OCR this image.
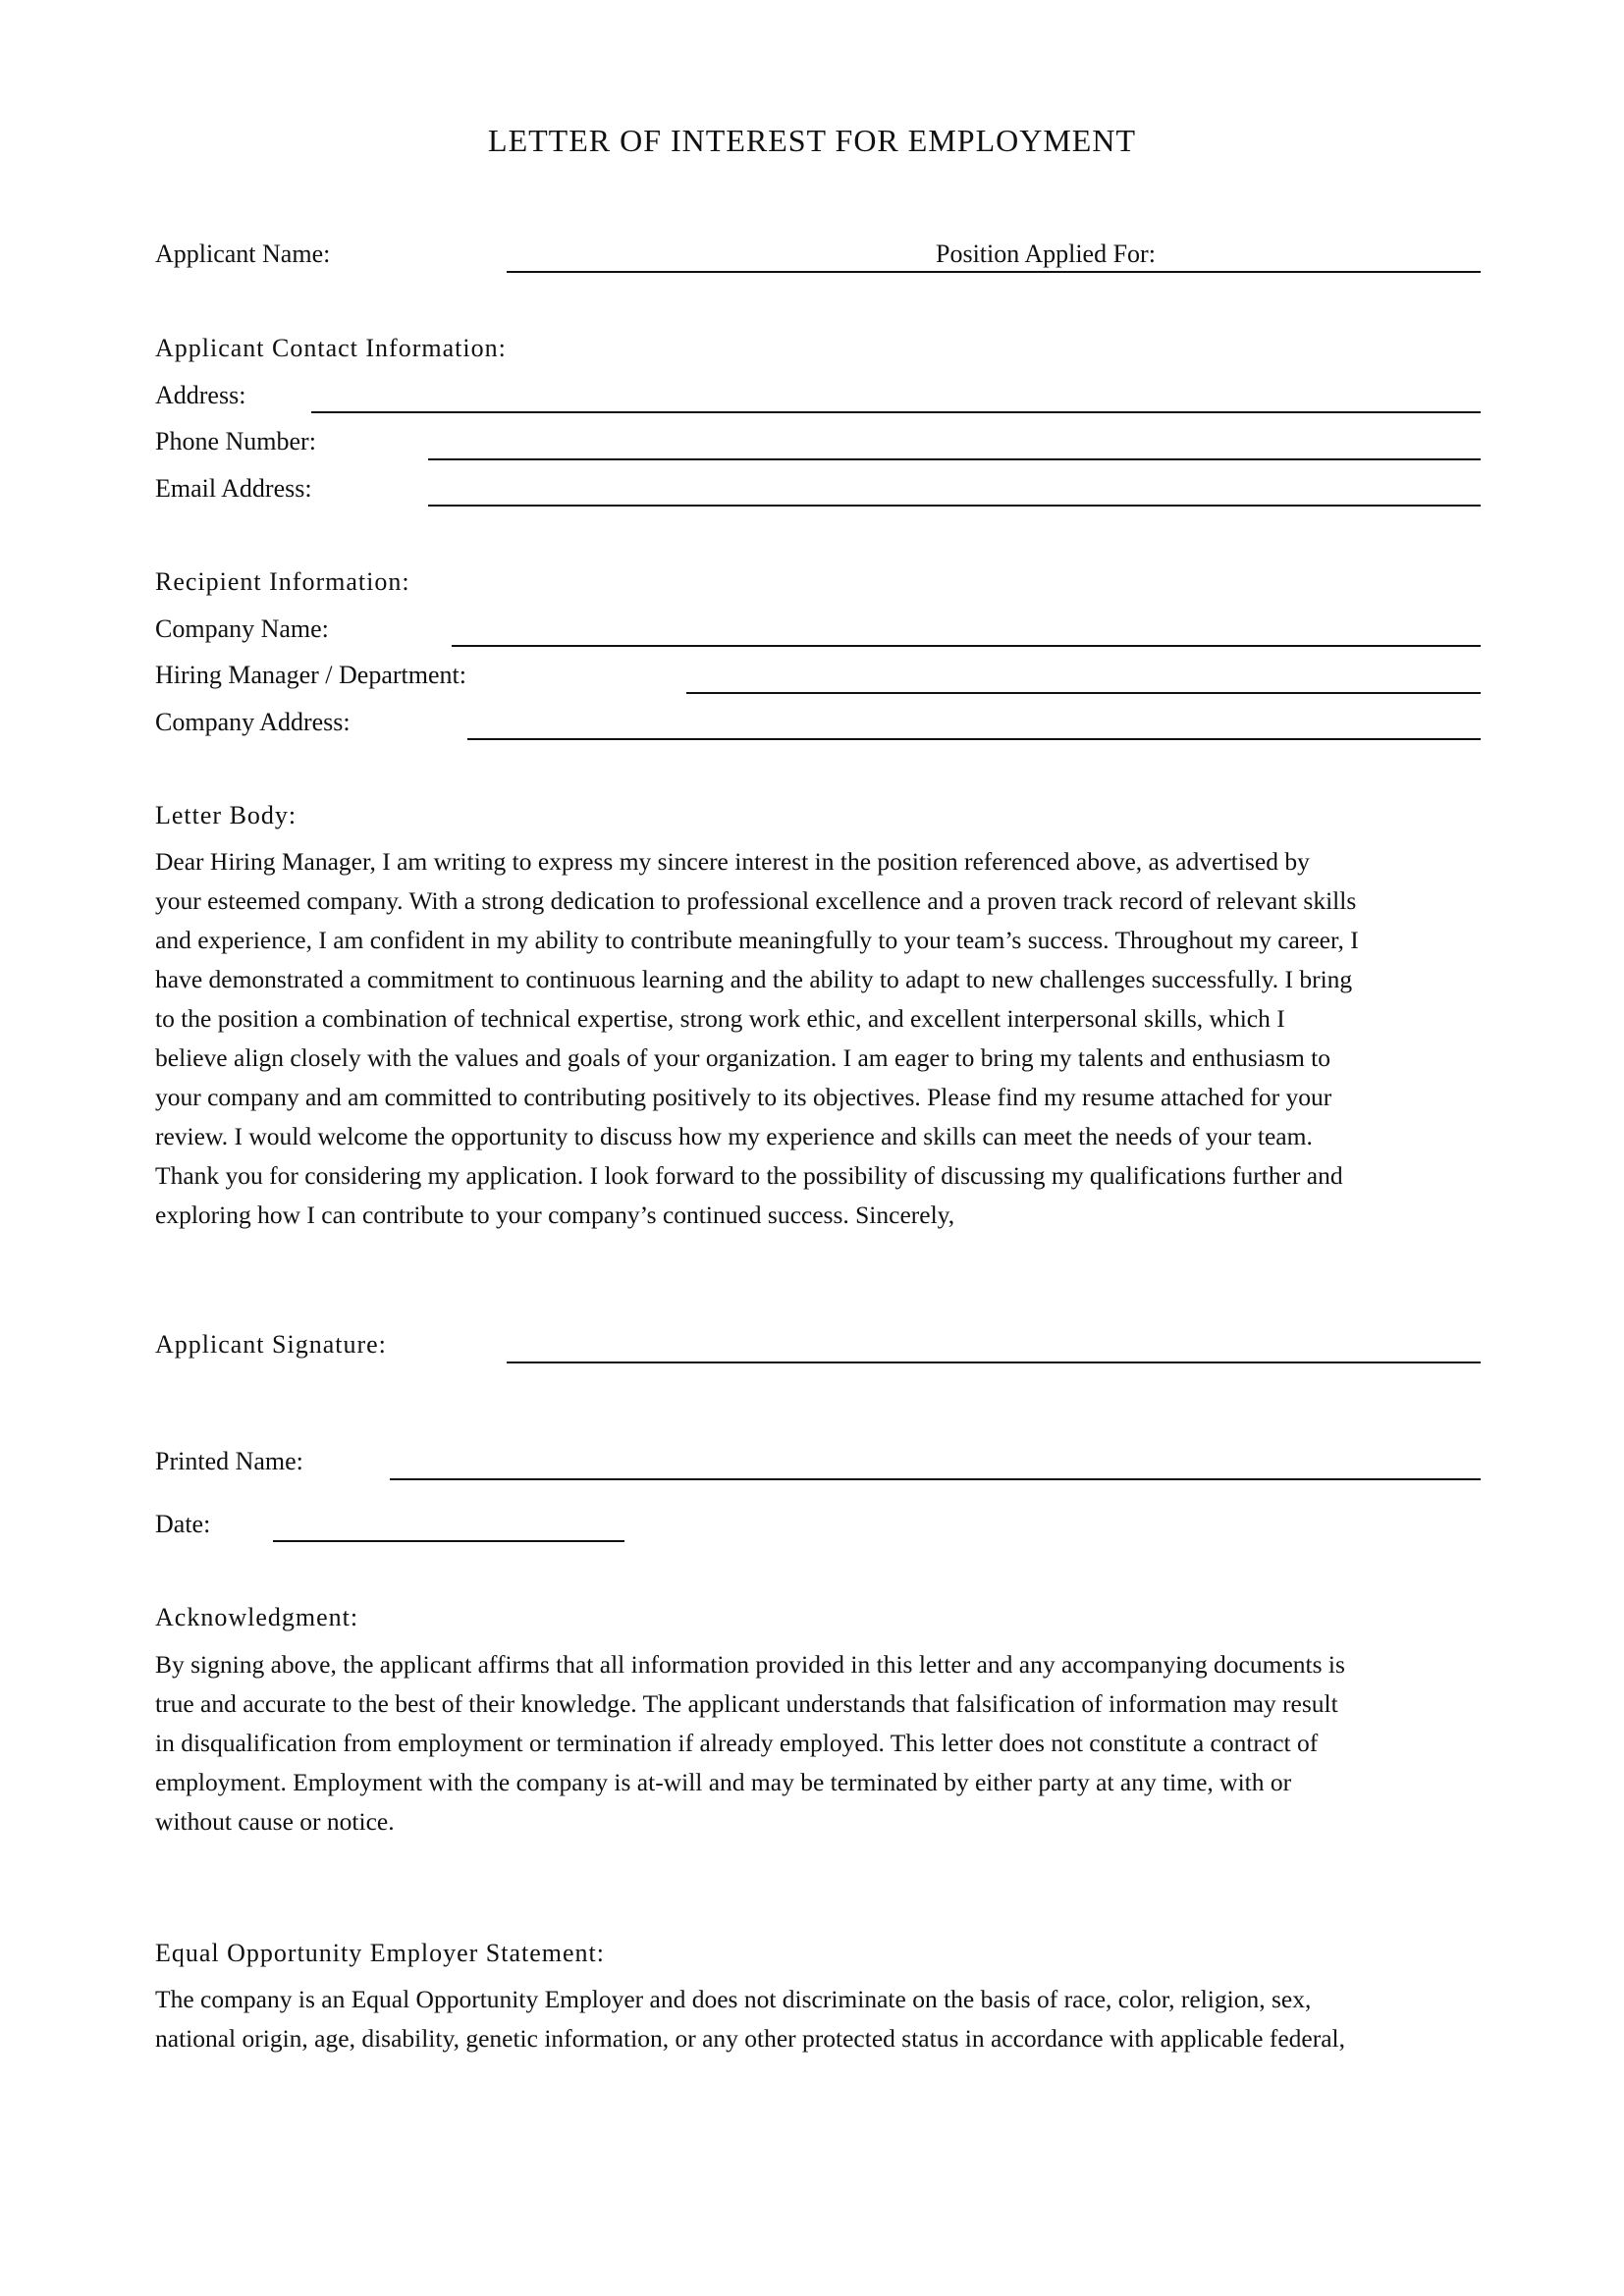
LETTER OF INTEREST FOR EMPLOYMENT
Applicant Name:	Position Applied For:
Applicant Contact Information:
Address:
Phone Number:
Email Address:
Recipient Information:
Company Name:
Hiring Manager / Department:
Company Address:
Letter Body:
Dear Hiring Manager, I am writing to express my sincere interest in the position referenced above, as advertised by
your esteemed company. With a strong dedication to professional excellence and a proven track record of relevant skills
and experience, I am confident in my ability to contribute meaningfully to your team’s success. Throughout my career, I
have demonstrated a commitment to continuous learning and the ability to adapt to new challenges successfully. I bring
to the position a combination of technical expertise, strong work ethic, and excellent interpersonal skills, which I
believe align closely with the values and goals of your organization. I am eager to bring my talents and enthusiasm to
your company and am committed to contributing positively to its objectives. Please find my resume attached for your
review. I would welcome the opportunity to discuss how my experience and skills can meet the needs of your team.
Thank you for considering my application. I look forward to the possibility of discussing my qualifications further and
exploring how I can contribute to your company’s continued success. Sincerely,
Applicant Signature:
Printed Name:
Date:
Acknowledgment:
By signing above, the applicant affirms that all information provided in this letter and any accompanying documents is
true and accurate to the best of their knowledge. The applicant understands that falsification of information may result
in disqualification from employment or termination if already employed. This letter does not constitute a contract of
employment. Employment with the company is at-will and may be terminated by either party at any time, with or
without cause or notice.
Equal Opportunity Employer Statement:
The company is an Equal Opportunity Employer and does not discriminate on the basis of race, color, religion, sex,
national origin, age, disability, genetic information, or any other protected status in accordance with applicable federal,
